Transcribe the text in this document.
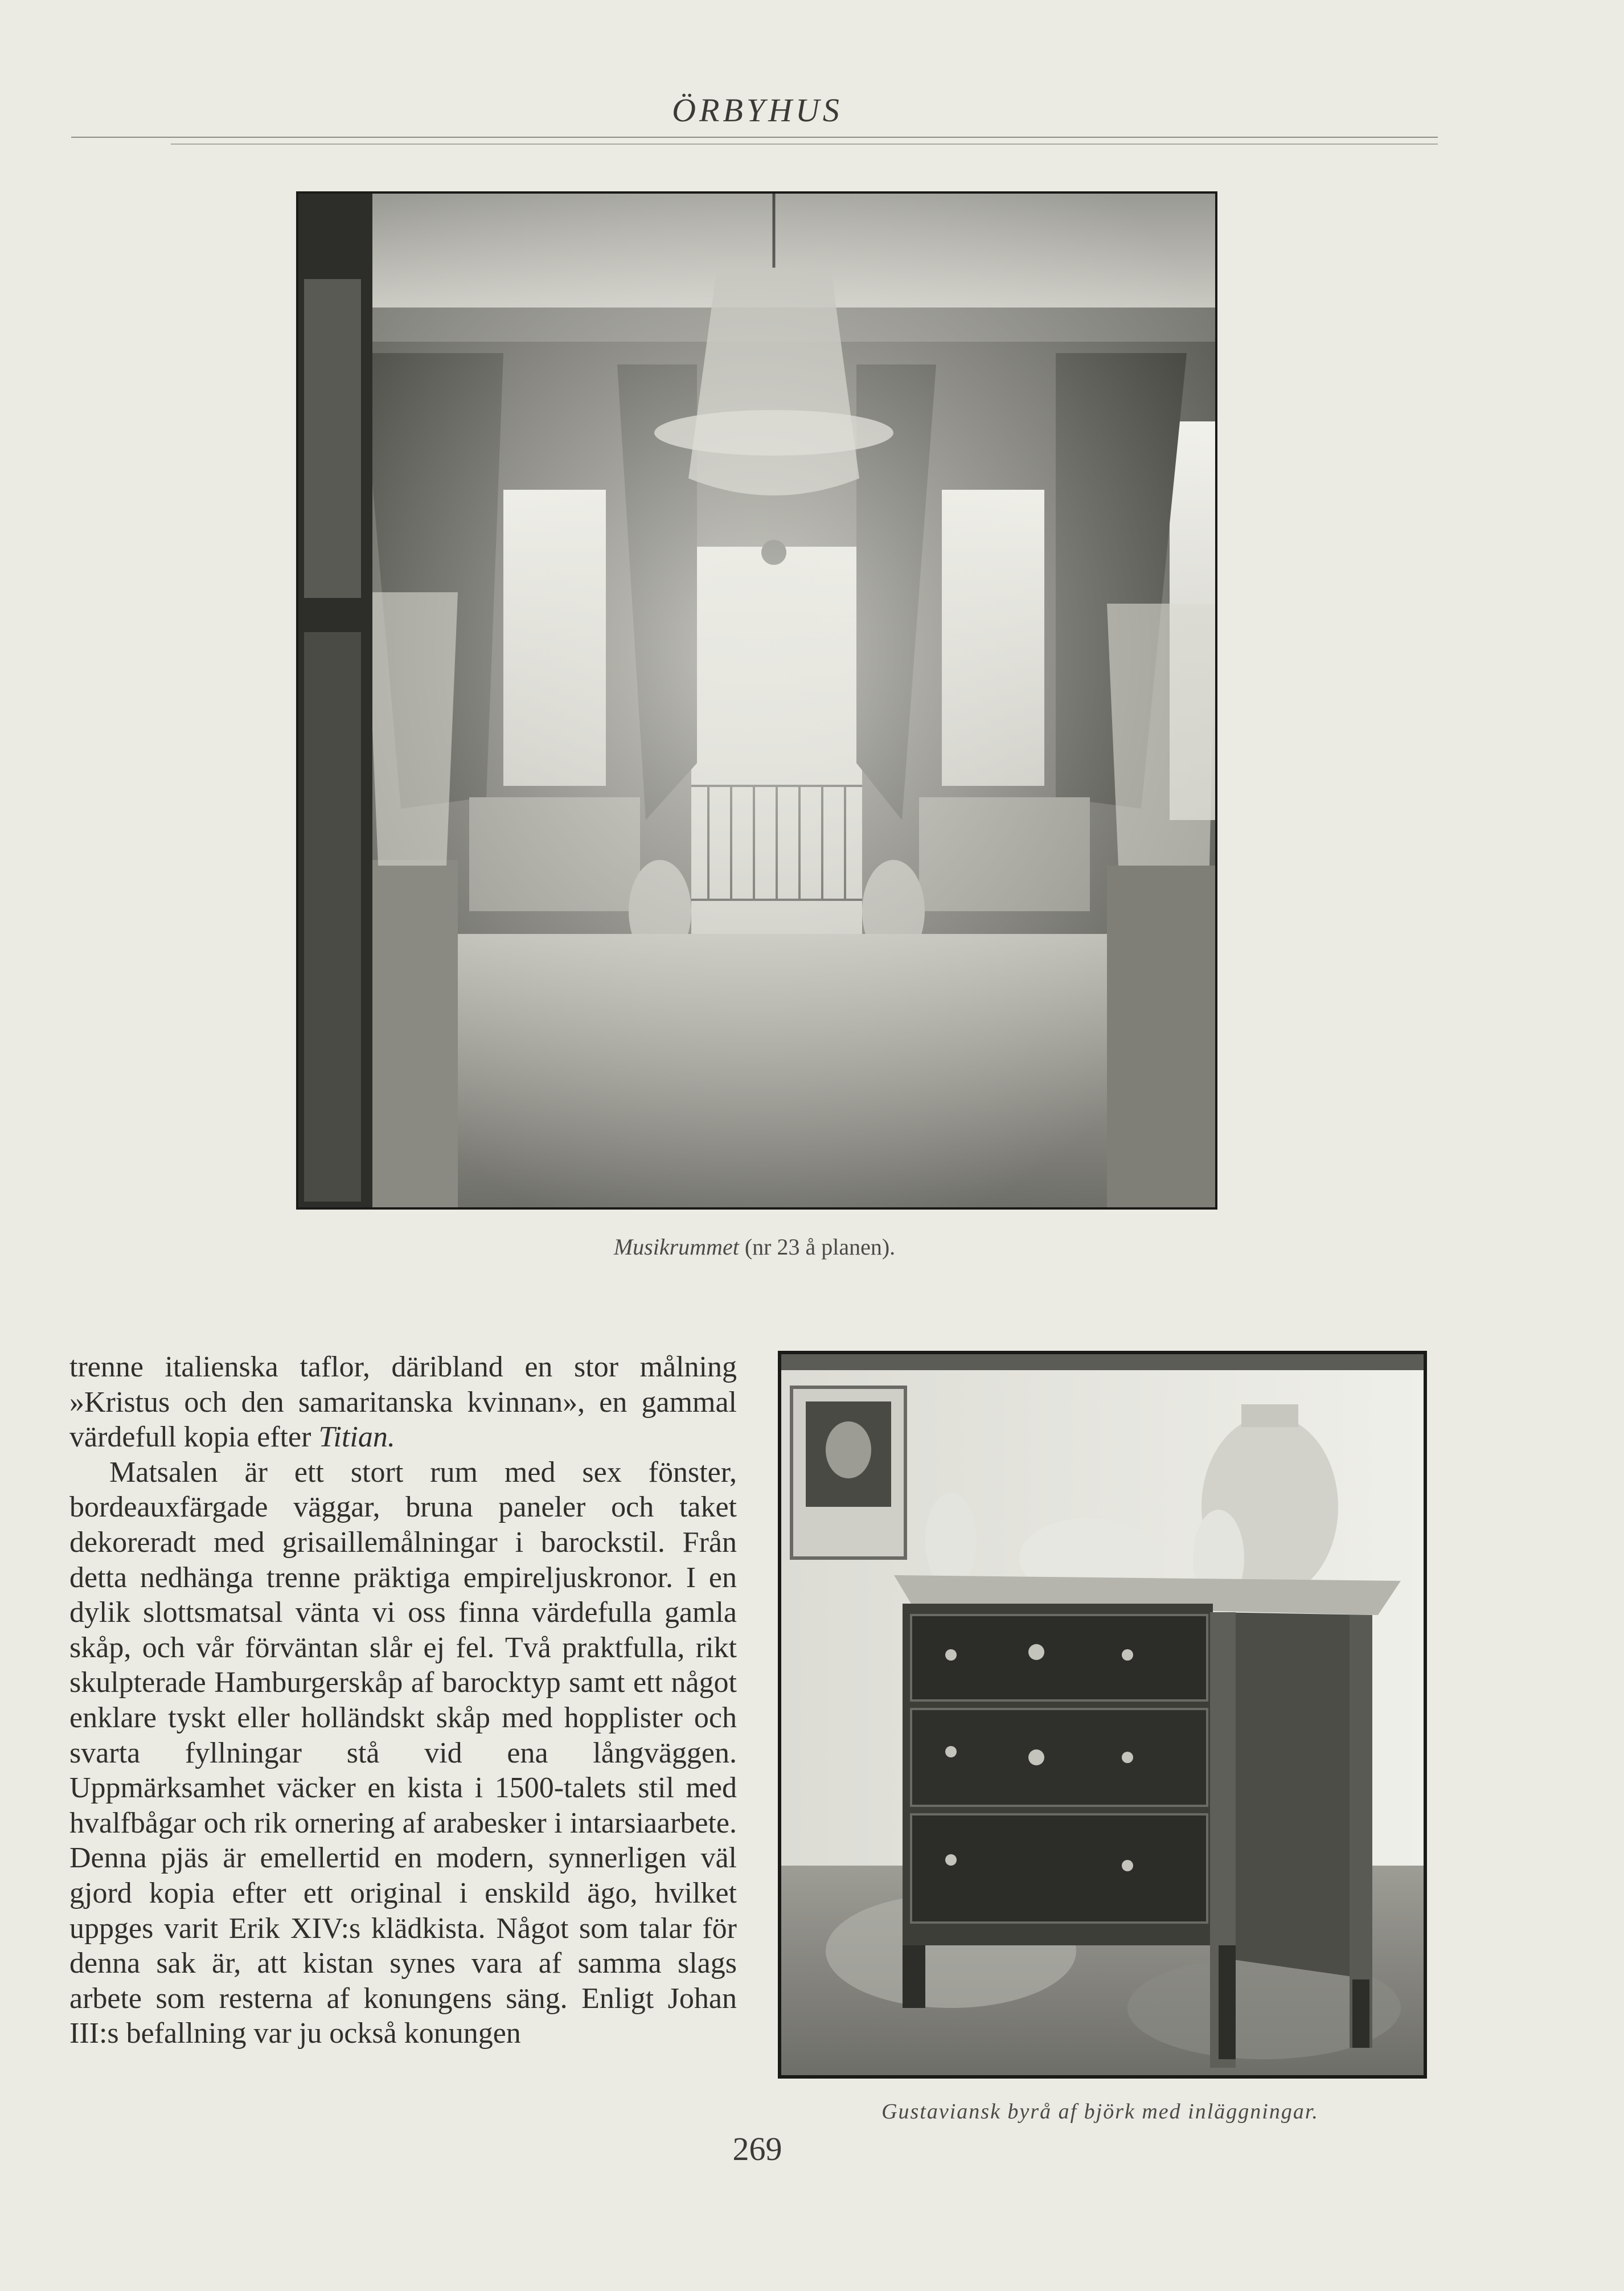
ÖRBYHUS
Musikrummet (nr 23 å planen).

trenne italienska taflor, däribland en stor målning »Kristus och den samaritanska kvinnan», en gammal värdefull kopia efter Titian.

Matsalen är ett stort rum med sex fönster, bordeauxfärgade väggar, bruna paneler och taket dekoreradt med grisaillemålningar i barockstil. Från detta nedhänga trenne präktiga empireljuskronor. I en dylik slottsmatsal vänta vi oss finna värdefulla gamla skåp, och vår förväntan slår ej fel. Två praktfulla, rikt skulpterade Hamburgerskåp af barocktyp samt ett något enklare tyskt eller holländskt skåp med hopplister och svarta fyllningar stå vid ena långväggen. Uppmärksamhet väcker en kista i 1500-talets stil med hvalfbågar och rik ornering af arabesker i intarsiaarbete. Denna pjäs är emellertid en modern, synnerligen väl gjord kopia efter ett original i enskild ägo, hvilket uppges varit Erik XIV:s klädkista. Något som talar för denna sak är, att kistan synes vara af samma slags arbete som resterna af konungens säng. Enligt Johan III:s befallning var ju också konungen

Gustaviansk byrå af björk med inläggningar.
269
